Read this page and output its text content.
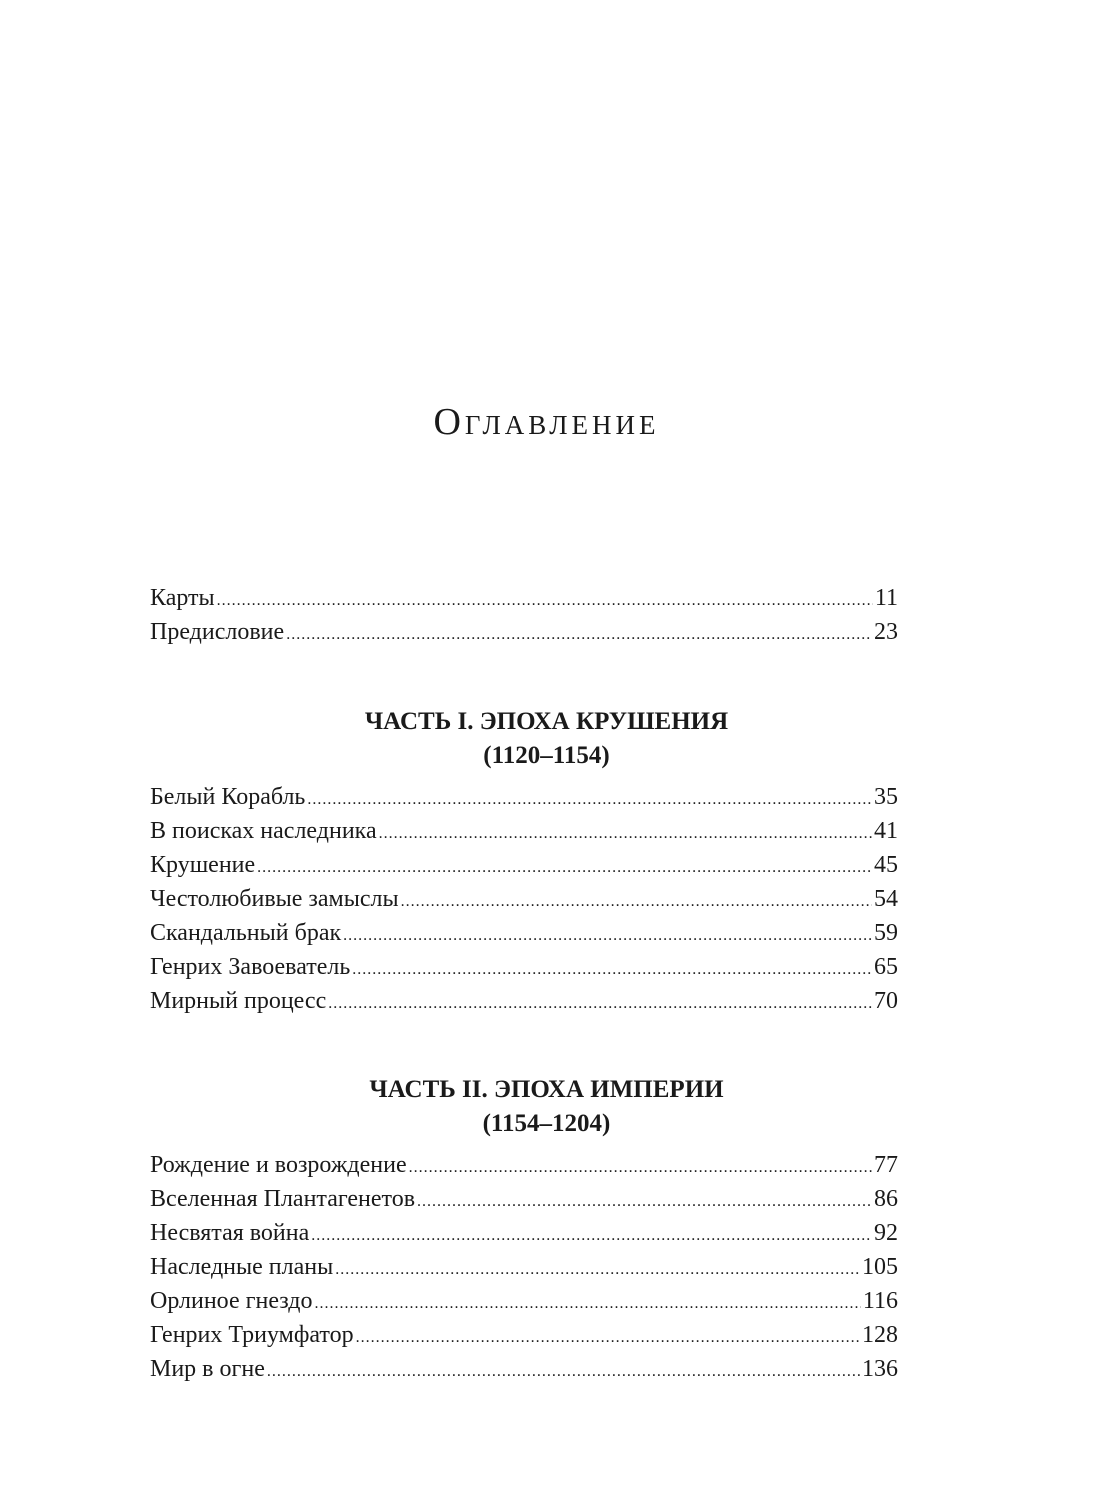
Оглавление
Карты .....	11
Предисловие .....	23
ЧАСТЬ I. ЭПОХА КРУШЕНИЯ
(1120–1154)
Белый Корабль .....	35
В поисках наследника .....	41
Крушение .....	45
Честолюбивые замыслы .....	54
Скандальный брак .....	59
Генрих Завоеватель .....	65
Мирный процесс .....	70
ЧАСТЬ II. ЭПОХА ИМПЕРИИ
(1154–1204)
Рождение и возрождение .....	77
Вселенная Плантагенетов .....	86
Несвятая война .....	92
Наследные планы .....	105
Орлиное гнездо .....	116
Генрих Триумфатор .....	128
Мир в огне .....	136
